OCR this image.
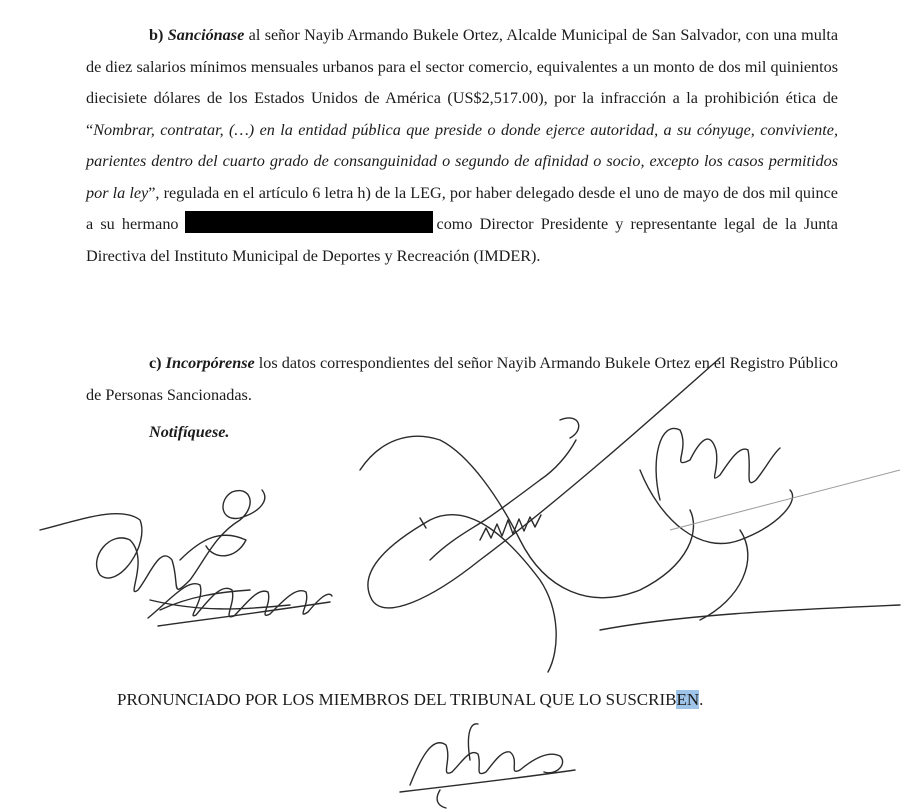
b) Sanciónase al señor Nayib Armando Bukele Ortez, Alcalde Municipal de San Salvador, con una multa de diez salarios mínimos mensuales urbanos para el sector comercio, equivalentes a un monto de dos mil quinientos diecisiete dólares de los Estados Unidos de América (US$2,517.00), por la infracción a la prohibición ética de “Nombrar, contratar, (…) en la entidad pública que preside o donde ejerce autoridad, a su cónyuge, conviviente, parientes dentro del cuarto grado de consanguinidad o segundo de afinidad o socio, excepto los casos permitidos por la ley”, regulada en el artículo 6 letra h) de la LEG, por haber delegado desde el uno de mayo de dos mil quince a su hermano	como Director Presidente y representante legal de la Junta Directiva del Instituto Municipal de Deportes y Recreación (IMDER).

c) Incorpórense los datos correspondientes del señor Nayib Armando Bukele Ortez en el Registro Público de Personas Sancionadas.

Notifíquese.

PRONUNCIADO POR LOS MIEMBROS DEL TRIBUNAL QUE LO SUSCRIBEN.
